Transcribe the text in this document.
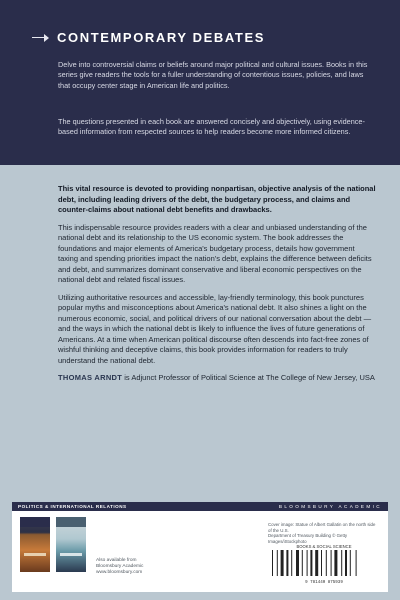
CONTEMPORARY DEBATES

Delve into controversial claims or beliefs around major political and cultural issues. Books in this series give readers the tools for a fuller understanding of contentious issues, policies, and laws that occupy center stage in American life and politics.

The questions presented in each book are answered concisely and objectively, using evidence-based information from respected sources to help readers become more informed citizens.

This vital resource is devoted to providing nonpartisan, objective analysis of the national debt, including leading drivers of the debt, the budgetary process, and claims and counter-claims about national debt benefits and drawbacks.

This indispensable resource provides readers with a clear and unbiased understanding of the national debt and its relationship to the US economic system. The book addresses the foundations and major elements of America's budgetary process, details how government taxing and spending priorities impact the nation's debt, explains the difference between deficits and debt, and summarizes dominant conservative and liberal economic perspectives on the national debt and related fiscal issues.

Utilizing authoritative resources and accessible, lay-friendly terminology, this book punctures popular myths and misconceptions about America's national debt. It also shines a light on the numerous economic, social, and political drivers of our national conversation about the debt — and the ways in which the national debt is likely to influence the lives of future generations of Americans. At a time when American political discourse often descends into fact-free zones of wishful thinking and deceptive claims, this book provides information for readers to truly understand the national debt.

THOMAS ARNDT is Adjunct Professor of Political Science at The College of New Jersey, USA

POLITICS & INTERNATIONAL RELATIONS	BLOOMSBURY ACADEMIC
Also available from
Bloomsbury Academic
www.bloomsbury.com
Cover image: Statue of Albert Gallatin on the north side of the U.S.
Department of Treasury Building © Getty Images/iStockphoto
BOOKS & SOCIAL SCIENCE
9 781440 875939
